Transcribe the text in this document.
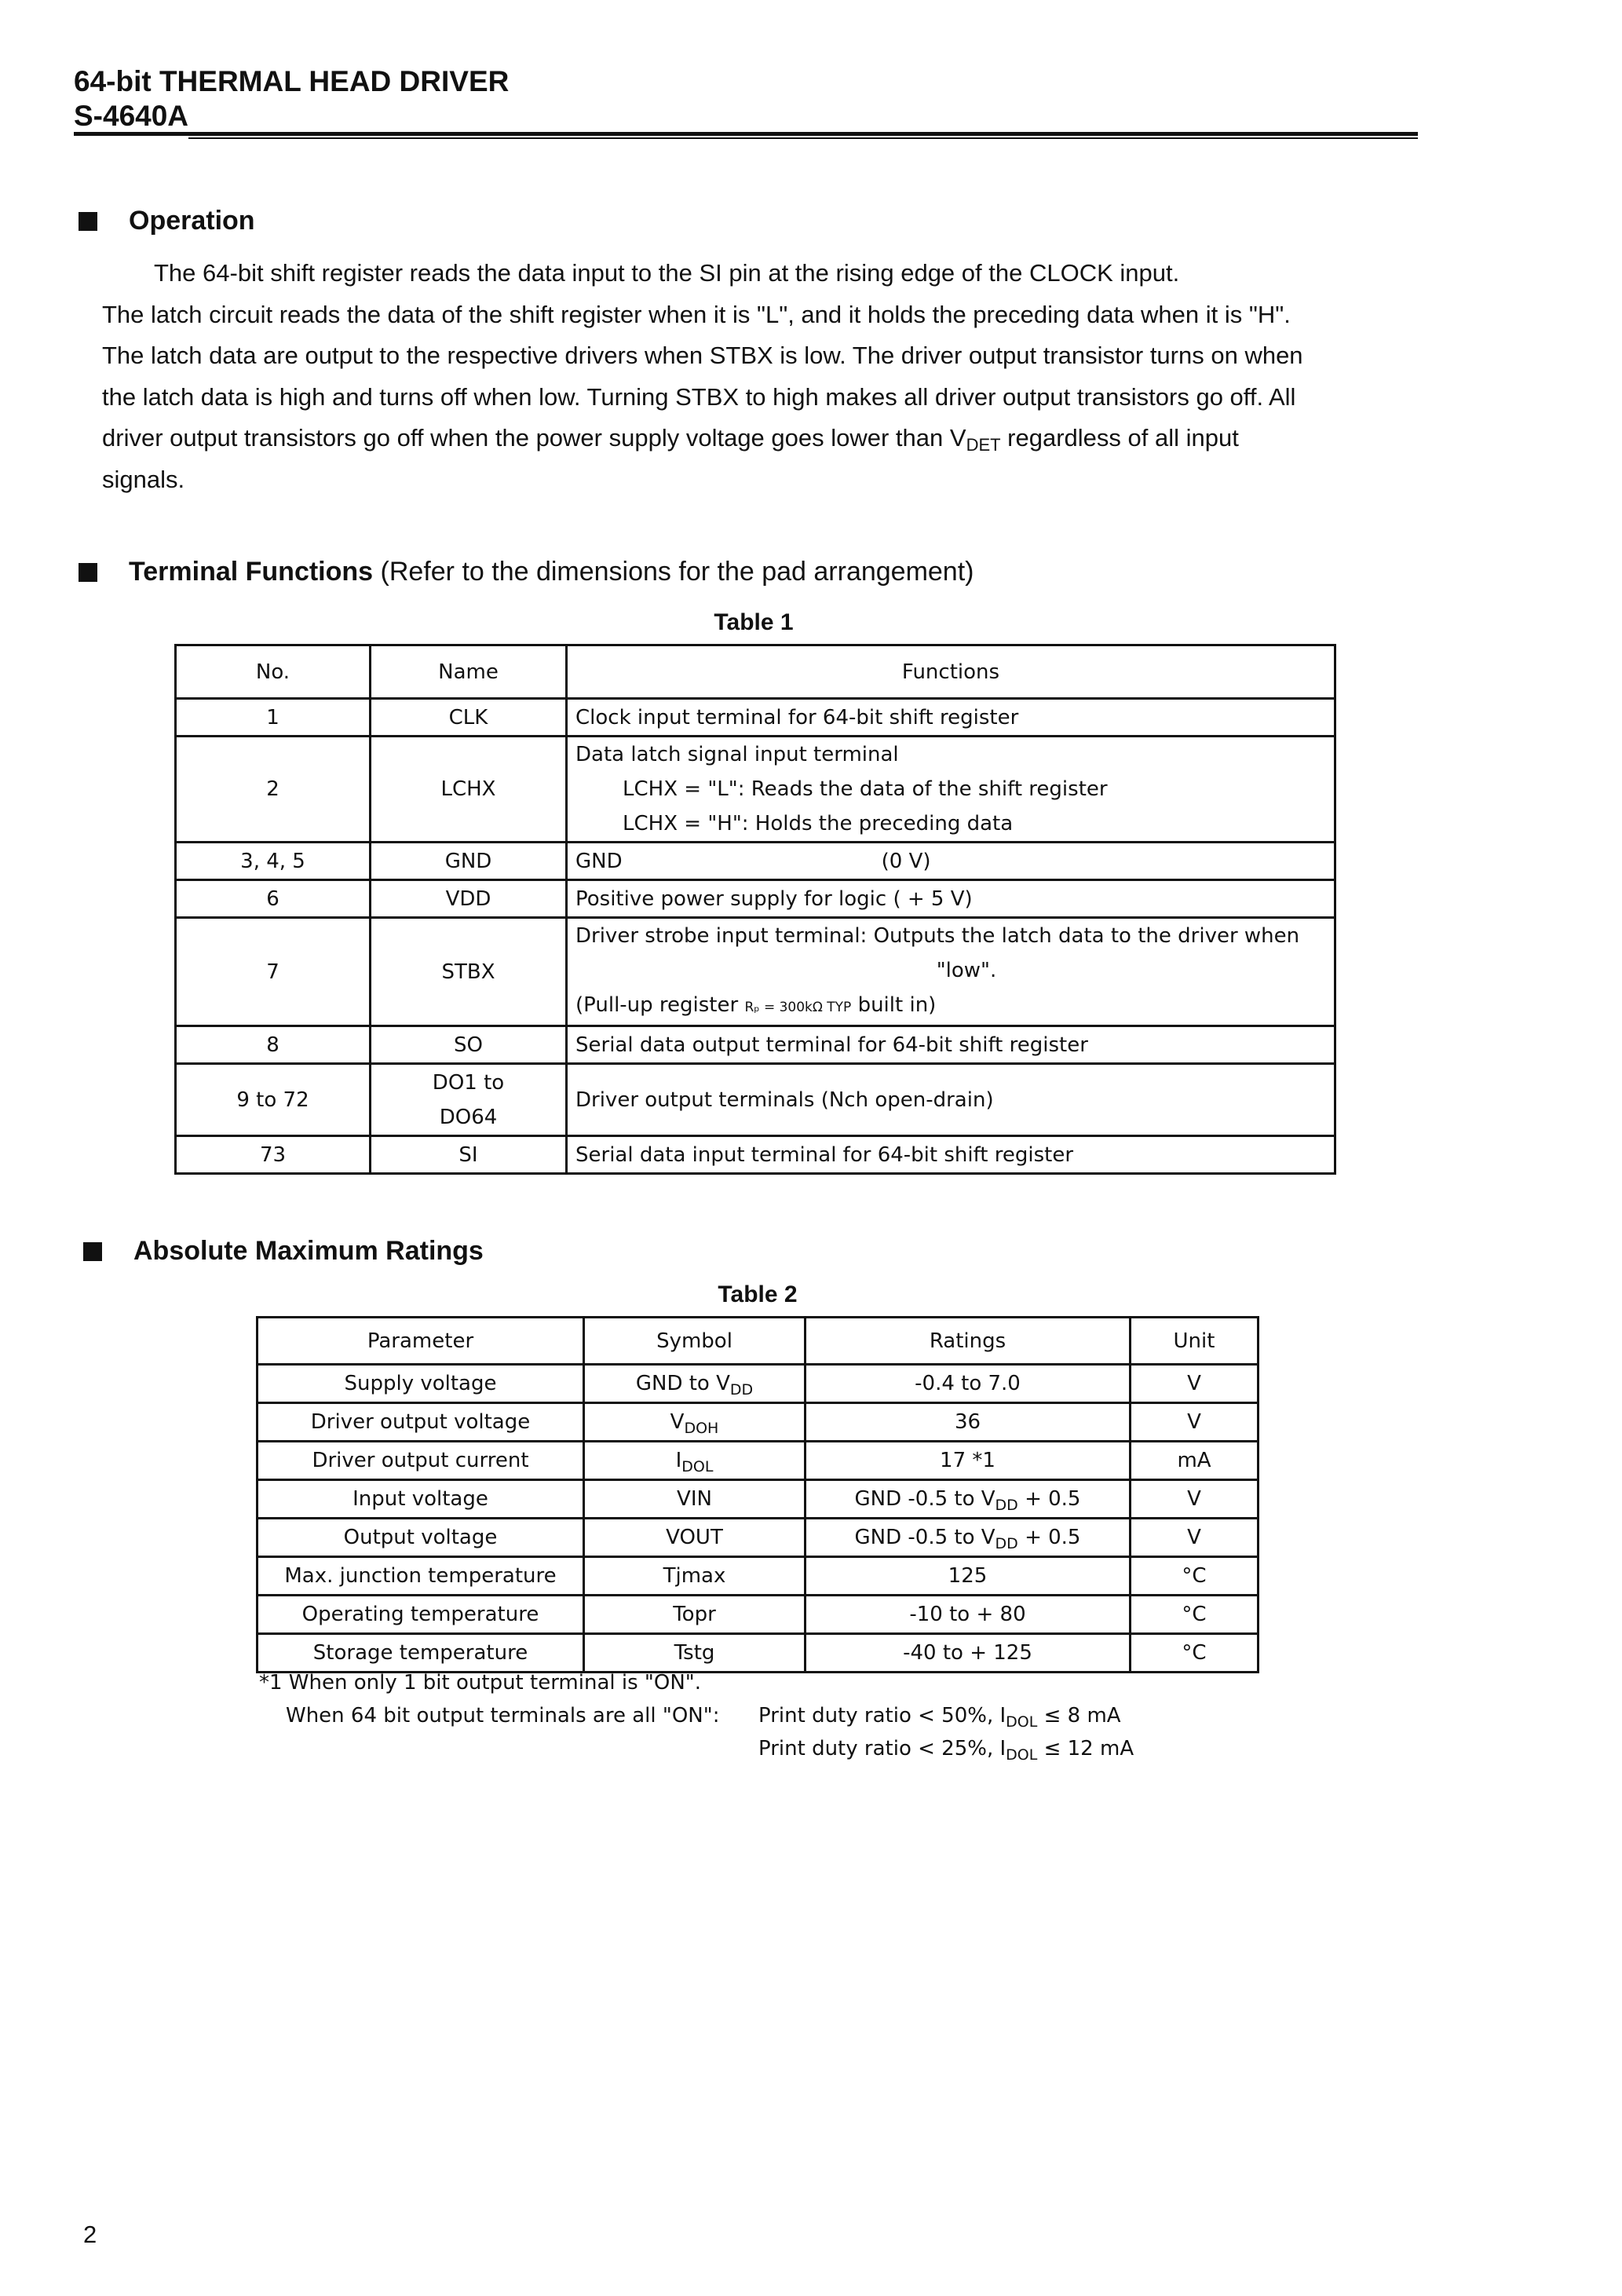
64-bit THERMAL HEAD DRIVER
S-4640A
Operation

The 64-bit shift register reads the data input to the SI pin at the rising edge of the CLOCK input.

The latch circuit reads the data of the shift register when it is "L", and it holds the preceding data when it is "H".

The latch data are output to the respective drivers when STBX is low. The driver output transistor turns on when

the latch data is high and turns off when low. Turning STBX to high makes all driver output transistors go off. All

driver output transistors go off when the power supply voltage goes lower than $V_{DET}$ regardless of all input

signals.

Terminal Functions (Refer to the dimensions for the pad arrangement)
Table 1
No.	Name	Functions
1	CLK	Clock input terminal for 64-bit shift register
2	LCHX	Data latch signal input terminal
LCHX = "L": Reads the data of the shift register
LCHX = "H": Holds the preceding data

3, 4, 5	GND	GND (0 V)
6	VDD	Positive power supply for logic ( + 5 V)
7	STBX	Driver strobe input terminal: Outputs the latch data to the driver when
"low".
(Pull-up register Rₚ = 300kΩ TYP built in)

8	SO	Serial data output terminal for 64-bit shift register
9 to 72	DO1 to
DO64	Driver output terminals (Nch open-drain)
73	SI	Serial data input terminal for 64-bit shift register
Absolute Maximum Ratings
Table 2
Parameter	Symbol	Ratings	Unit
Supply voltage	GND to $V_{DD}$	-0.4 to 7.0	V
Driver output voltage	$V_{DOH}$	36	V
Driver output current	$I_{DOL}$	17 *1	mA
Input voltage	VIN	GND -0.5 to $V_{DD} + 0.5$	V
Output voltage	VOUT	GND -0.5 to $V_{DD} + 0.5$	V
Max. junction temperature	Tjmax	125	°C
Operating temperature	Topr	-10 to + 80	°C
Storage temperature	Tstg	-40 to + 125	°C
*1 When only 1 bit output terminal is "ON".
When 64 bit output terminals are all "ON": Print duty ratio < 50%, $I_{DOL} \le 8$ mA
Print duty ratio < 25%, $I_{DOL} \le 12$ mA
2
